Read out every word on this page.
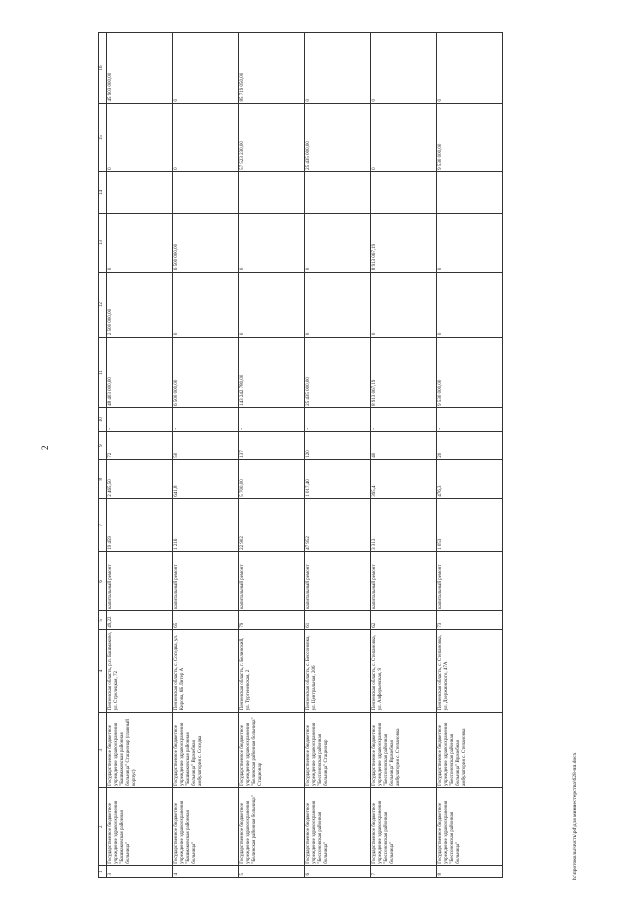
2
1	2	3	4	5	6	7	8	9	10	11	12	13	14	15	16
3	Государственное бюджетное учреждение здравоохранения "Башмаковская районная больница"	Государственное бюджетное учреждение здравоохранения "Башмаковская районная больница" Стационар (главный корпус)	Пензенская область, р.п. Башмаково, ул. Стрелецкая, 72	49,22	капитальный ремонт	19 459	2 465,50	72	-	48 403 000,00	2 500 000,00	0		0	45 903 000,00
4	Государственное бюджетное учреждение здравоохранения "Башмаковская районная больница"	Государственное бюджетное учреждение здравоохранения "Башмаковская районная больница" Врачебная амбулатория с. Соседка	Пензенская область, с. Соседка, ул. Кирова, 6Б Литер А	65	капитальный ремонт	1 216	641,8	50	-	6 500 000,00	0	6 500 000,00		0	0
5	Государственное бюджетное учреждение здравоохранения "Белинская районная больница"	Государственное бюджетное учреждение здравоохранения "Белинская районная больница" Стационар	Пензенская область, г. Белинский, ул. Тургеневская, 2	79	капитальный ремонт	22 902	5 700,00	137	-	143 242 780,00	0	0		57 523 230,00	85 719 050,00
6	Государственное бюджетное учреждение здравоохранения "Бессоновская районная больница"	Государственное бюджетное учреждение здравоохранения "Бессоновская районная больница" Стационар	Пензенская область, с. Бессоновка, ул. Центральная, 206	61	капитальный ремонт	47 952	1 017,40	120	-	25 435 000,00	0	0		25 435 000,00	0
7	Государственное бюджетное учреждение здравоохранения "Бессоновская районная больница"	Государственное бюджетное учреждение здравоохранения "Бессоновская районная больница" Врачебная амбулатория с. Степановка	Пензенская область, с. Степановка, ул. Алферьевская, 9	62	капитальный ремонт	3 313	395,4	40	-	8 913 067,19	0	8 913 067,19		0	0
8	Государственное бюджетное учреждение здравоохранения "Бессоновская районная больница"	Государственное бюджетное учреждение здравоохранения "Бессоновская районная больница" Врачебная амбулатория с. Степановка	Пензенская область, с. Степановка, ул. Дзержинского, 47А	73	капитальный ремонт	1 053	476,3	20	-	9 530 000,00	0	0		9 530 000,00	0
h:\протоколы\ччсть\pd\для миниестерства\628-пп.docx
